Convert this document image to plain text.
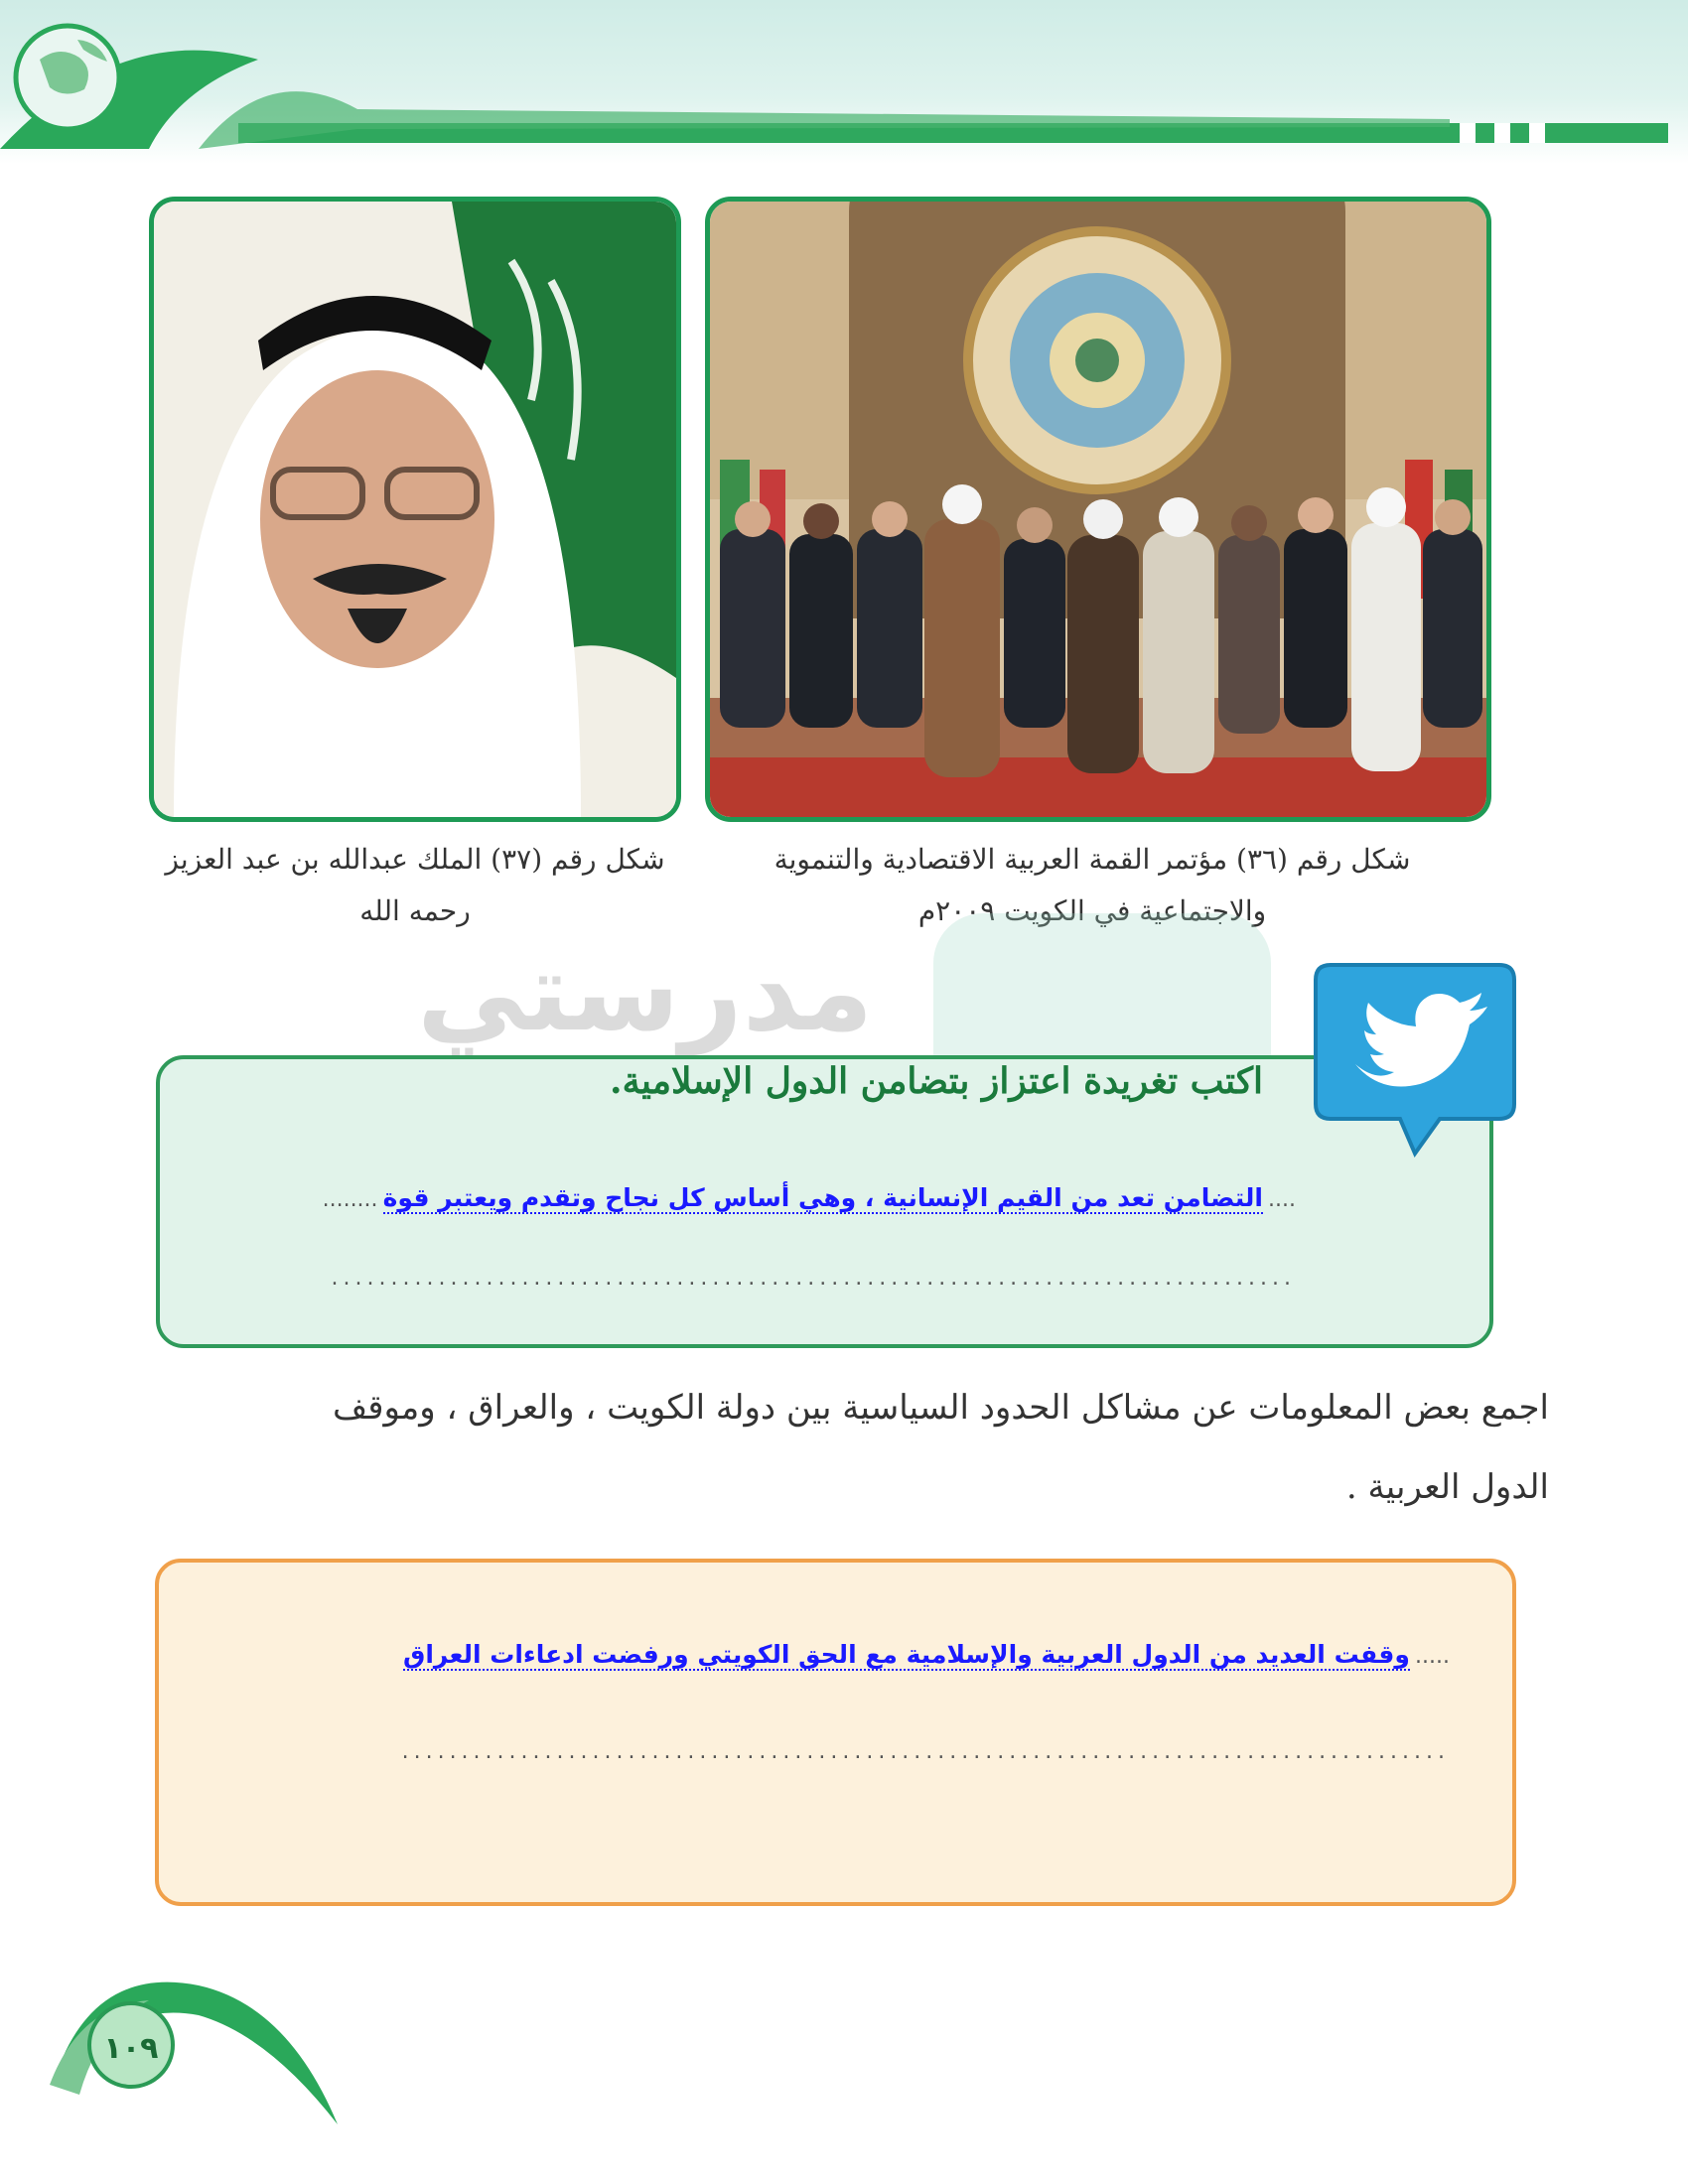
شكل رقم (٣٦) مؤتمر القمة العربية الاقتصادية والتنموية
والاجتماعية في الكويت ٢٠٠٩م
شكل رقم (٣٧) الملك عبدالله بن عبد العزيز
رحمه الله
مدرستي
اكتب تغريدة اعتزاز بتضامن الدول الإسلامية.
.... التضامن تعد من القيم الإنسانية ، وهي أساس كل نجاح وتقدم ويعتبر قوة ........
.................................................................................
اجمع بعض المعلومات عن مشاكل الحدود السياسية بين دولة الكويت ، والعراق ، وموقف
الدول العربية .
..... وقفت العديد من الدول العربية والإسلامية مع الحق الكويتي ورفضت ادعاءات العراق
........................................................................................
١٠٩
